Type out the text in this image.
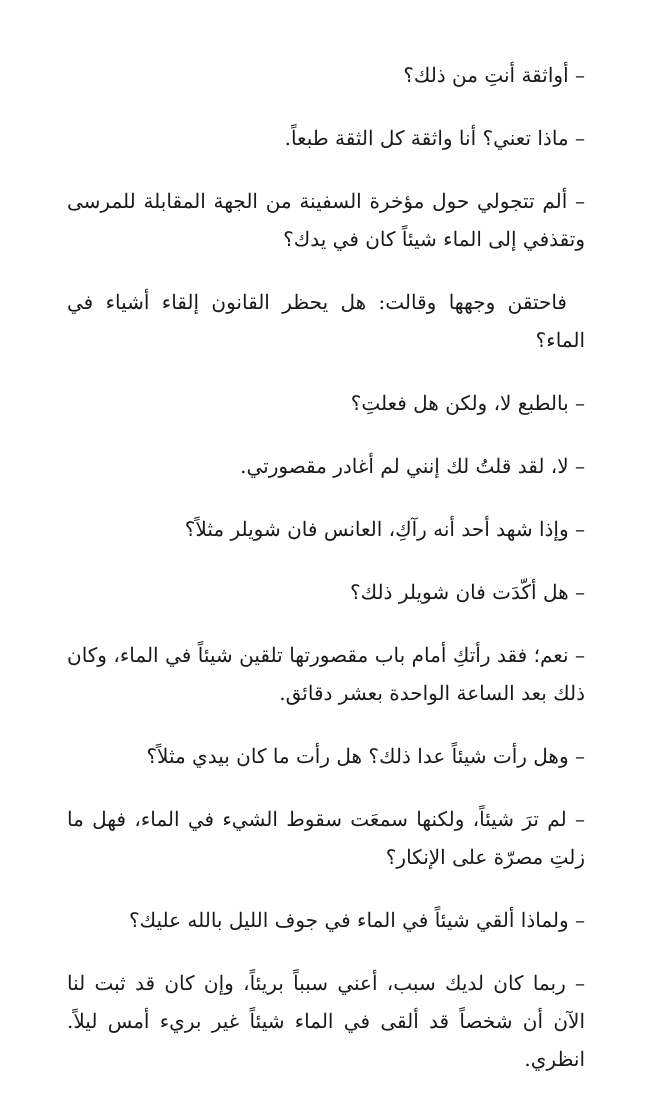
– أواثقة أنتِ من ذلك؟

– ماذا تعني؟ أنا واثقة كل الثقة طبعاً.

– ألم تتجولي حول مؤخرة السفينة من الجهة المقابلة للمرسى وتقذفي إلى الماء شيئاً كان في يدك؟

فاحتقن وجهها وقالت: هل يحظر القانون إلقاء أشياء في الماء؟

– بالطبع لا، ولكن هل فعلتِ؟

– لا، لقد قلتُ لك إنني لم أغادر مقصورتي.

– وإذا شهد أحد أنه رآكِ، العانس فان شويلر مثلاً؟

– هل أكّدَت فان شويلر ذلك؟

– نعم؛ فقد رأتكِ أمام باب مقصورتها تلقين شيئاً في الماء، وكان ذلك بعد الساعة الواحدة بعشر دقائق.

– وهل رأت شيئاً عدا ذلك؟ هل رأت ما كان بيدي مثلاً؟

– لم ترَ شيئاً، ولكنها سمعَت سقوط الشيء في الماء، فهل ما زلتِ مصرّة على الإنكار؟

– ولماذا ألقي شيئاً في الماء في جوف الليل بالله عليك؟

– ربما كان لديك سبب، أعني سبباً بريئاً، وإن كان قد ثبت لنا الآن أن شخصاً قد ألقى في الماء شيئاً غير بريء أمس ليلاً. انظري.
